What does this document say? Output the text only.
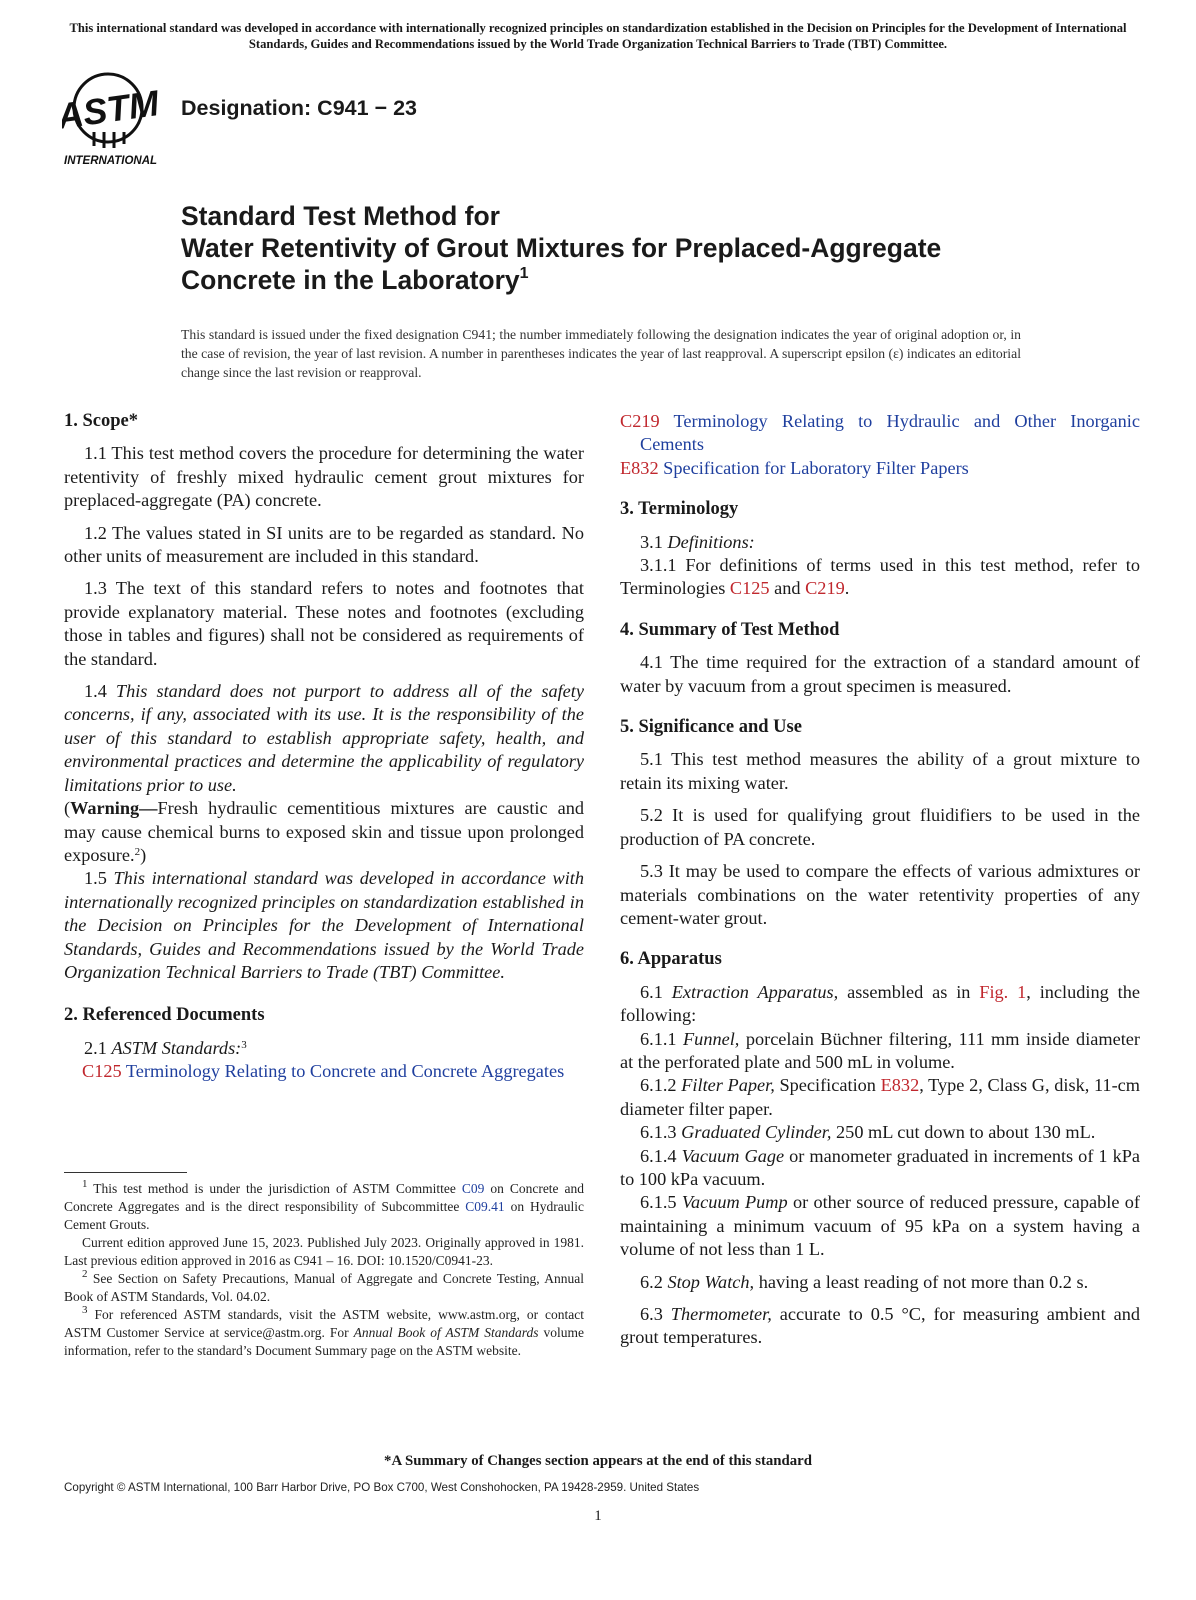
This international standard was developed in accordance with internationally recognized principles on standardization established in the Decision on Principles for the Development of International Standards, Guides and Recommendations issued by the World Trade Organization Technical Barriers to Trade (TBT) Committee.
ASTM
INTERNATIONAL
Designation: C941 − 23
Standard Test Method for
Water Retentivity of Grout Mixtures for Preplaced-Aggregate
Concrete in the Laboratory$^1$
This standard is issued under the fixed designation C941; the number immediately following the designation indicates the year of original adoption or, in the case of revision, the year of last revision. A number in parentheses indicates the year of last reapproval. A superscript epsilon (ε) indicates an editorial change since the last revision or reapproval.
1. Scope*

1.1 This test method covers the procedure for determining the water retentivity of freshly mixed hydraulic cement grout mixtures for preplaced-aggregate (PA) concrete.

1.2 The values stated in SI units are to be regarded as standard. No other units of measurement are included in this standard.

1.3 The text of this standard refers to notes and footnotes that provide explanatory material. These notes and footnotes (excluding those in tables and figures) shall not be considered as requirements of the standard.

1.4 This standard does not purport to address all of the safety concerns, if any, associated with its use. It is the responsibility of the user of this standard to establish appropriate safety, health, and environmental practices and determine the applicability of regulatory limitations prior to use.
(Warning—Fresh hydraulic cementitious mixtures are caustic and may cause chemical burns to exposed skin and tissue upon prolonged exposure.$^2$)

1.5 This international standard was developed in accordance with internationally recognized principles on standardization established in the Decision on Principles for the Development of International Standards, Guides and Recommendations issued by the World Trade Organization Technical Barriers to Trade (TBT) Committee.

2. Referenced Documents

2.1 ASTM Standards:$^3$

C125 Terminology Relating to Concrete and Concrete Aggregates

$^1$ This test method is under the jurisdiction of ASTM Committee C09 on Concrete and Concrete Aggregates and is the direct responsibility of Subcommittee C09.41 on Hydraulic Cement Grouts.

Current edition approved June 15, 2023. Published July 2023. Originally approved in 1981. Last previous edition approved in 2016 as C941 – 16. DOI: 10.1520/C0941-23.

$^2$ See Section on Safety Precautions, Manual of Aggregate and Concrete Testing, Annual Book of ASTM Standards, Vol. 04.02.

$^3$ For referenced ASTM standards, visit the ASTM website, www.astm.org, or contact ASTM Customer Service at service@astm.org. For Annual Book of ASTM Standards volume information, refer to the standard’s Document Summary page on the ASTM website.

C219 Terminology Relating to Hydraulic and Other Inorganic Cements

E832 Specification for Laboratory Filter Papers

3. Terminology

3.1 Definitions:

3.1.1 For definitions of terms used in this test method, refer to Terminologies C125 and C219.

4. Summary of Test Method

4.1 The time required for the extraction of a standard amount of water by vacuum from a grout specimen is measured.

5. Significance and Use

5.1 This test method measures the ability of a grout mixture to retain its mixing water.

5.2 It is used for qualifying grout fluidifiers to be used in the production of PA concrete.

5.3 It may be used to compare the effects of various admixtures or materials combinations on the water retentivity properties of any cement-water grout.

6. Apparatus

6.1 Extraction Apparatus, assembled as in Fig. 1, including the following:

6.1.1 Funnel, porcelain Büchner filtering, 111 mm inside diameter at the perforated plate and 500 mL in volume.

6.1.2 Filter Paper, Specification E832, Type 2, Class G, disk, 11-cm diameter filter paper.

6.1.3 Graduated Cylinder, 250 mL cut down to about 130 mL.

6.1.4 Vacuum Gage or manometer graduated in increments of 1 kPa to 100 kPa vacuum.

6.1.5 Vacuum Pump or other source of reduced pressure, capable of maintaining a minimum vacuum of 95 kPa on a system having a volume of not less than 1 L.

6.2 Stop Watch, having a least reading of not more than 0.2 s.

6.3 Thermometer, accurate to 0.5 °C, for measuring ambient and grout temperatures.

*A Summary of Changes section appears at the end of this standard
Copyright © ASTM International, 100 Barr Harbor Drive, PO Box C700, West Conshohocken, PA 19428-2959. United States
1
